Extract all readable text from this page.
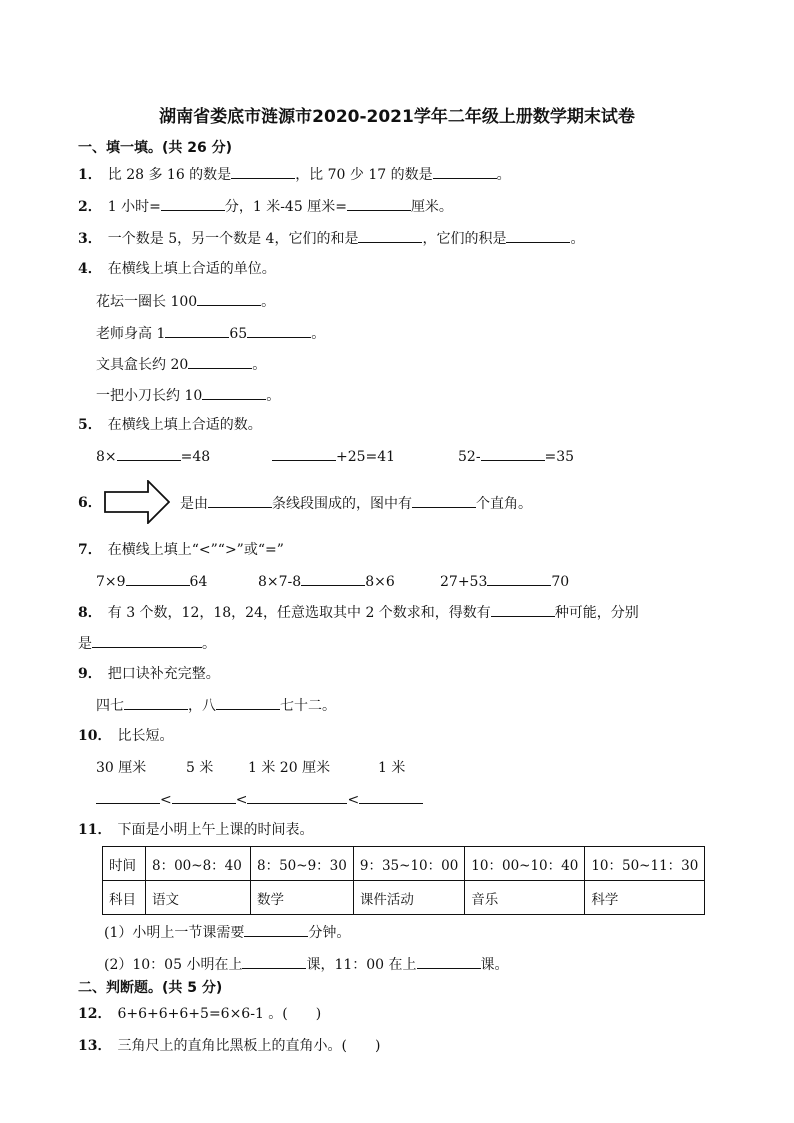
湖南省娄底市涟源市2020-2021学年二年级上册数学期末试卷
一、填一填。(共 26 分)
1． 比 28 多 16 的数是	，比 70 少 17 的数是	。
2． 1 小时=	分，1 米-45 厘米=	厘米。
3． 一个数是 5，另一个数是 4，它们的和是	，它们的积是	。
4． 在横线上填上合适的单位。
花坛一圈长 100	。
老师身高 1	65	。
文具盒长约 20	。
一把小刀长约 10	。
5． 在横线上填上合适的数。
8×	=48	+25=41	52-	=35
6．	是由	条线段围成的，图中有	个直角。
7． 在横线上填上“<”“>”或“=”
7×9	64	8×7-8	8×6	27+53	70
8． 有 3 个数，12，18，24，任意选取其中 2 个数求和，得数有	种可能，分别
是	。
9． 把口诀补充完整。
四七	，八	七十二。
10． 比长短。
30 厘米	5 米 1 米 20 厘米	1 米
<	<	<
11． 下面是小明上午上课的时间表。
时间	8：00~8：40	8：50~9：30	9：35~10：00	10：00~10：40	10：50~11：30
科目	语文	数学	课件活动	音乐	科学
(1）小明上一节课需要	分钟。
(2）10：05 小明在上	课，11：00 在上	课。
二、判断题。(共 5 分)
12． 6+6+6+6+5=6×6-1 。(　　)
13． 三角尺上的直角比黑板上的直角小。(　　)
